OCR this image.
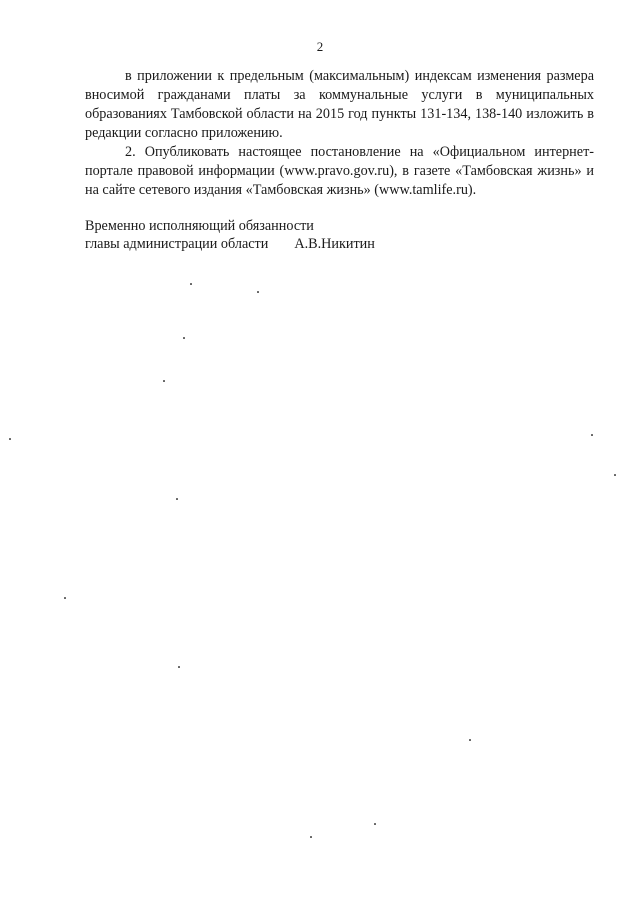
2

в приложении к предельным (максимальным) индексам изменения размера вносимой гражданами платы за коммунальные услуги в муниципальных образованиях Тамбовской области на 2015 год пункты 131-134, 138-140 изложить в редакции согласно приложению.

2. Опубликовать настоящее постановление на «Официальном интернет-портале правовой информации (www.pravo.gov.ru), в газете «Тамбовская жизнь» и на сайте сетевого издания «Тамбовская жизнь» (www.tamlife.ru).

Временно исполняющий обязанности
главы администрации области А.В.Никитин
